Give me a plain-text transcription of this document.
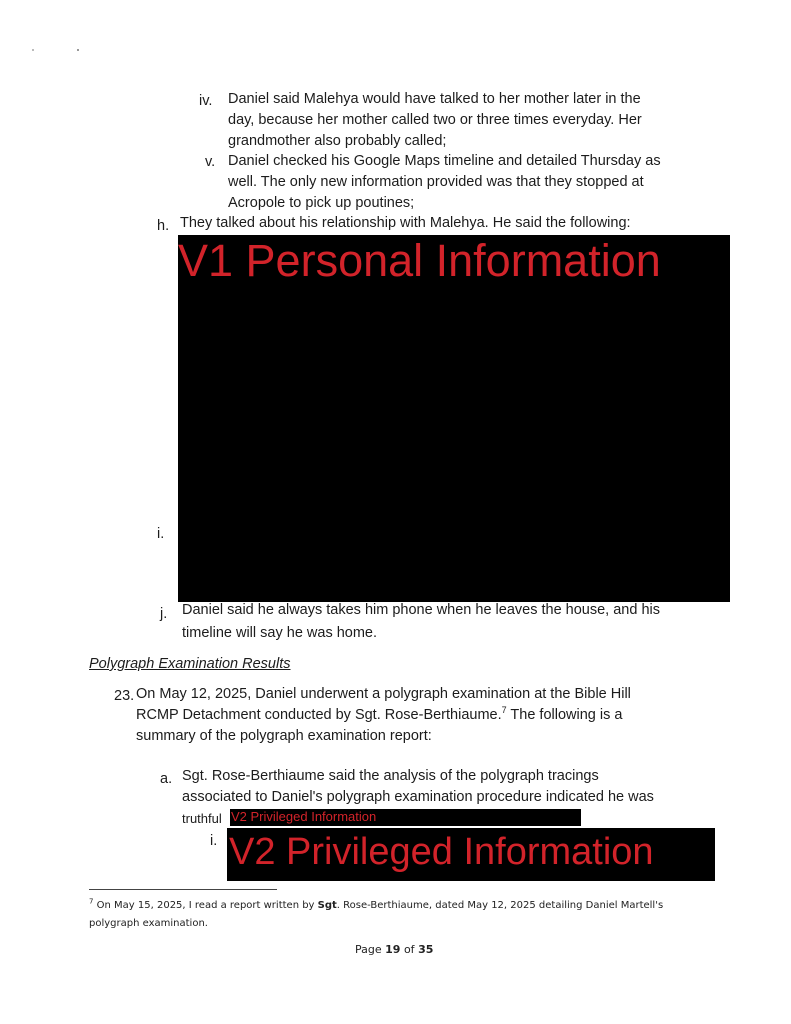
iv. Daniel said Malehya would have talked to her mother later in the
day, because her mother called two or three times everyday. Her
grandmother also probably called;
v. Daniel checked his Google Maps timeline and detailed Thursday as
well. The only new information provided was that they stopped at
Acropole to pick up poutines;
h. They talked about his relationship with Malehya. He said the following:
V1 Personal Information
i.
j. Daniel said he always takes him phone when he leaves the house, and his
timeline will say he was home.
Polygraph Examination Results
23. On May 12, 2025, Daniel underwent a polygraph examination at the Bible Hill
RCMP Detachment conducted by Sgt. Rose-Berthiaume.$^7$ The following is a
summary of the polygraph examination report:
a. Sgt. Rose-Berthiaume said the analysis of the polygraph tracings
associated to Daniel's polygraph examination procedure indicated he was
truthful V2 Privileged Information
i. V2 Privileged Information
$^7$ On May 15, 2025, I read a report written by Sgt. Rose-Berthiaume, dated May 12, 2025 detailing Daniel Martell's
polygraph examination.
Page 19 of 35
